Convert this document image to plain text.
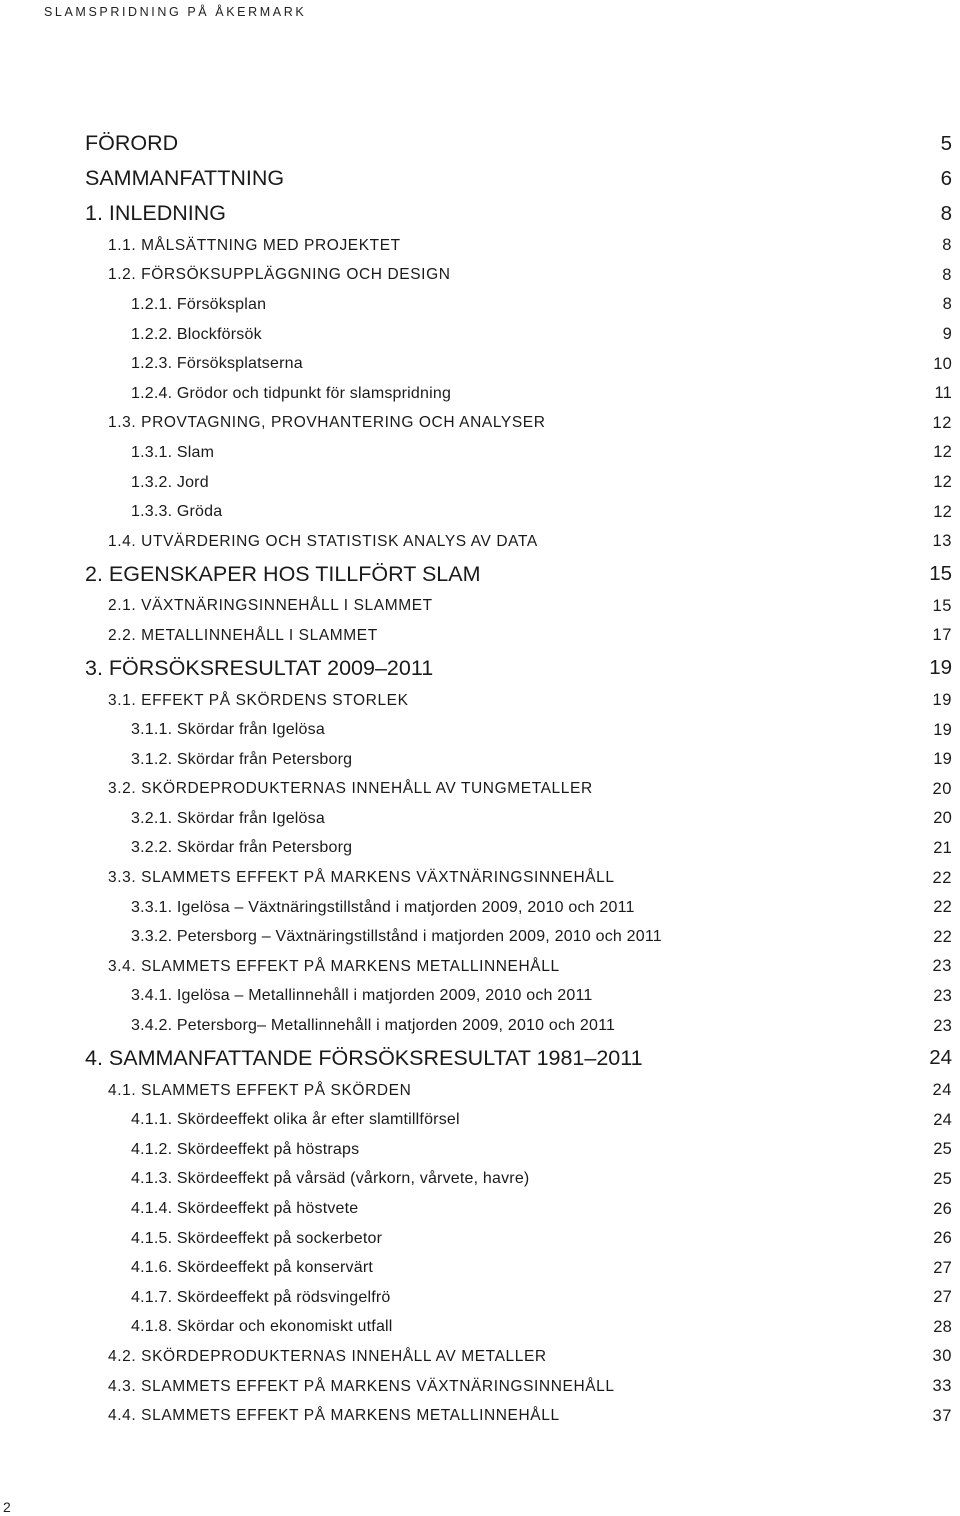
SLAMSPRIDNING PÅ ÅKERMARK
FÖRORD	5
SAMMANFATTNING	6
1. INLEDNING	8
1.1. MÅLSÄTTNING MED PROJEKTET	8
1.2. FÖRSÖKSUPPLÄGGNING OCH DESIGN	8
1.2.1. Försöksplan	8
1.2.2. Blockförsök	9
1.2.3. Försöksplatserna	10
1.2.4. Grödor och tidpunkt för slamspridning	11
1.3. PROVTAGNING, PROVHANTERING OCH ANALYSER	12
1.3.1. Slam	12
1.3.2. Jord	12
1.3.3. Gröda	12
1.4. UTVÄRDERING OCH STATISTISK ANALYS AV DATA	13
2. EGENSKAPER HOS TILLFÖRT SLAM	15
2.1. VÄXTNÄRINGSINNEHÅLL I SLAMMET	15
2.2. METALLINNEHÅLL I SLAMMET	17
3. FÖRSÖKSRESULTAT 2009–2011	19
3.1. EFFEKT PÅ SKÖRDENS STORLEK	19
3.1.1. Skördar från Igelösa	19
3.1.2. Skördar från Petersborg	19
3.2. SKÖRDEPRODUKTERNAS INNEHÅLL AV TUNGMETALLER	20
3.2.1. Skördar från Igelösa	20
3.2.2. Skördar från Petersborg	21
3.3. SLAMMETS EFFEKT PÅ MARKENS VÄXTNÄRINGSINNEHÅLL	22
3.3.1. Igelösa – Växtnäringstillstånd i matjorden 2009, 2010 och 2011	22
3.3.2. Petersborg – Växtnäringstillstånd i matjorden 2009, 2010 och 2011	22
3.4. SLAMMETS EFFEKT PÅ MARKENS METALLINNEHÅLL	23
3.4.1. Igelösa – Metallinnehåll i matjorden 2009, 2010 och 2011	23
3.4.2. Petersborg– Metallinnehåll i matjorden 2009, 2010 och 2011	23
4. SAMMANFATTANDE FÖRSÖKSRESULTAT 1981–2011	24
4.1. SLAMMETS EFFEKT PÅ SKÖRDEN	24
4.1.1. Skördeeffekt olika år efter slamtillförsel	24
4.1.2. Skördeeffekt på höstraps	25
4.1.3. Skördeeffekt på vårsäd (vårkorn, vårvete, havre)	25
4.1.4. Skördeeffekt på höstvete	26
4.1.5. Skördeeffekt på sockerbetor	26
4.1.6. Skördeeffekt på konservärt	27
4.1.7. Skördeeffekt på rödsvingelfrö	27
4.1.8. Skördar och ekonomiskt utfall	28
4.2. SKÖRDEPRODUKTERNAS INNEHÅLL AV METALLER	30
4.3. SLAMMETS EFFEKT PÅ MARKENS VÄXTNÄRINGSINNEHÅLL	33
4.4. SLAMMETS EFFEKT PÅ MARKENS METALLINNEHÅLL	37
2
